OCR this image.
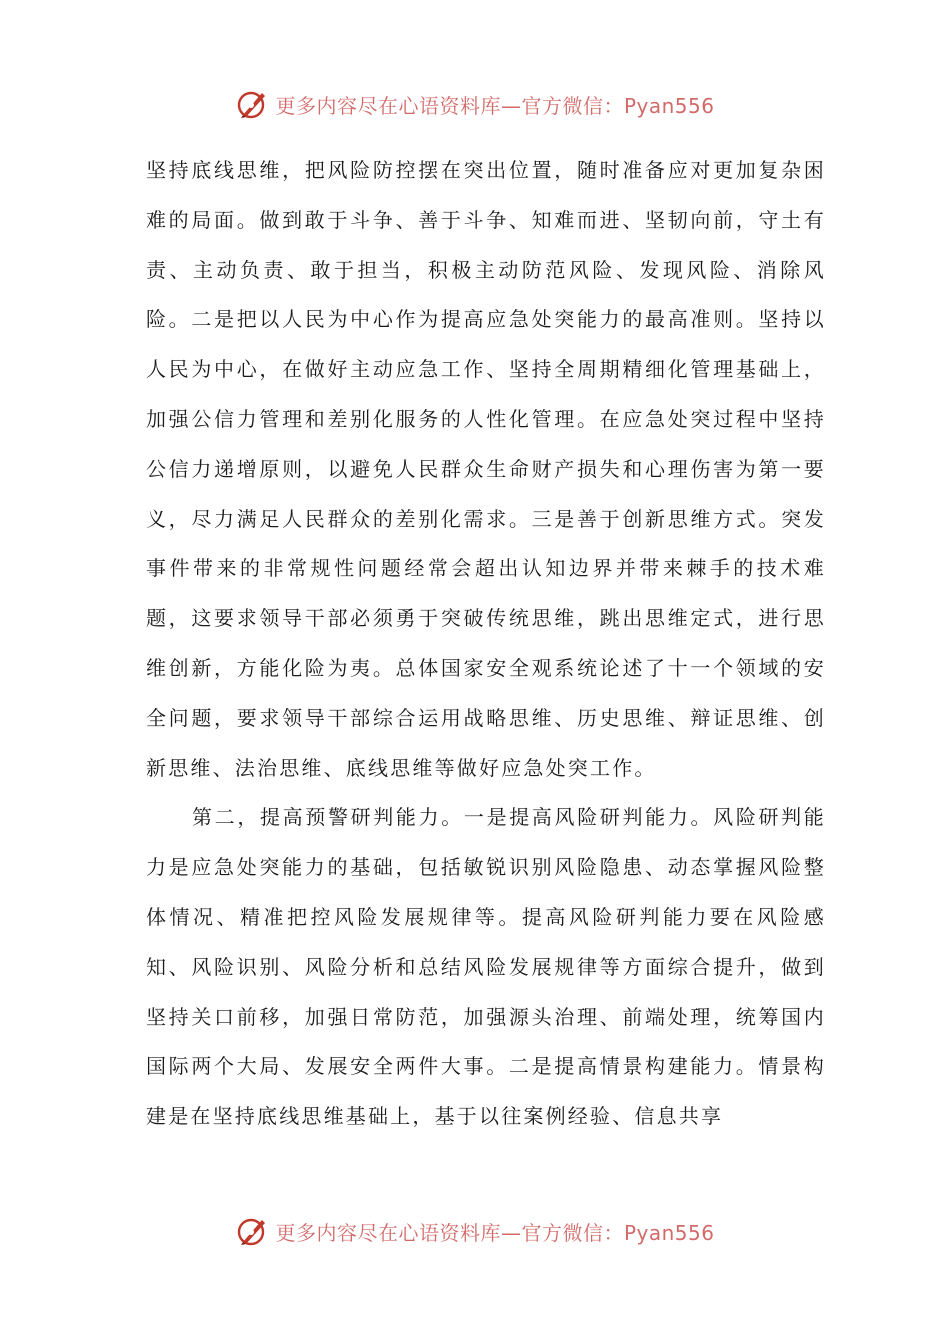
更多内容尽在心语资料库—官方微信：Pyan556

坚持底线思维，把风险防控摆在突出位置，随时准备应对更加复杂困难的局面。做到敢于斗争、善于斗争、知难而进、坚韧向前，守土有责、主动负责、敢于担当，积极主动防范风险、发现风险、消除风险。二是把以人民为中心作为提高应急处突能力的最高准则。坚持以人民为中心，在做好主动应急工作、坚持全周期精细化管理基础上，加强公信力管理和差别化服务的人性化管理。在应急处突过程中坚持公信力递增原则，以避免人民群众生命财产损失和心理伤害为第一要义，尽力满足人民群众的差别化需求。三是善于创新思维方式。突发事件带来的非常规性问题经常会超出认知边界并带来棘手的技术难题，这要求领导干部必须勇于突破传统思维，跳出思维定式，进行思维创新，方能化险为夷。总体国家安全观系统论述了十一个领域的安全问题，要求领导干部综合运用战略思维、历史思维、辩证思维、创新思维、法治思维、底线思维等做好应急处突工作。

第二，提高预警研判能力。一是提高风险研判能力。风险研判能力是应急处突能力的基础，包括敏锐识别风险隐患、动态掌握风险整体情况、精准把控风险发展规律等。提高风险研判能力要在风险感知、风险识别、风险分析和总结风险发展规律等方面综合提升，做到坚持关口前移，加强日常防范，加强源头治理、前端处理，统筹国内国际两个大局、发展安全两件大事。二是提高情景构建能力。情景构建是在坚持底线思维基础上，基于以往案例经验、信息共享

更多内容尽在心语资料库—官方微信：Pyan556
